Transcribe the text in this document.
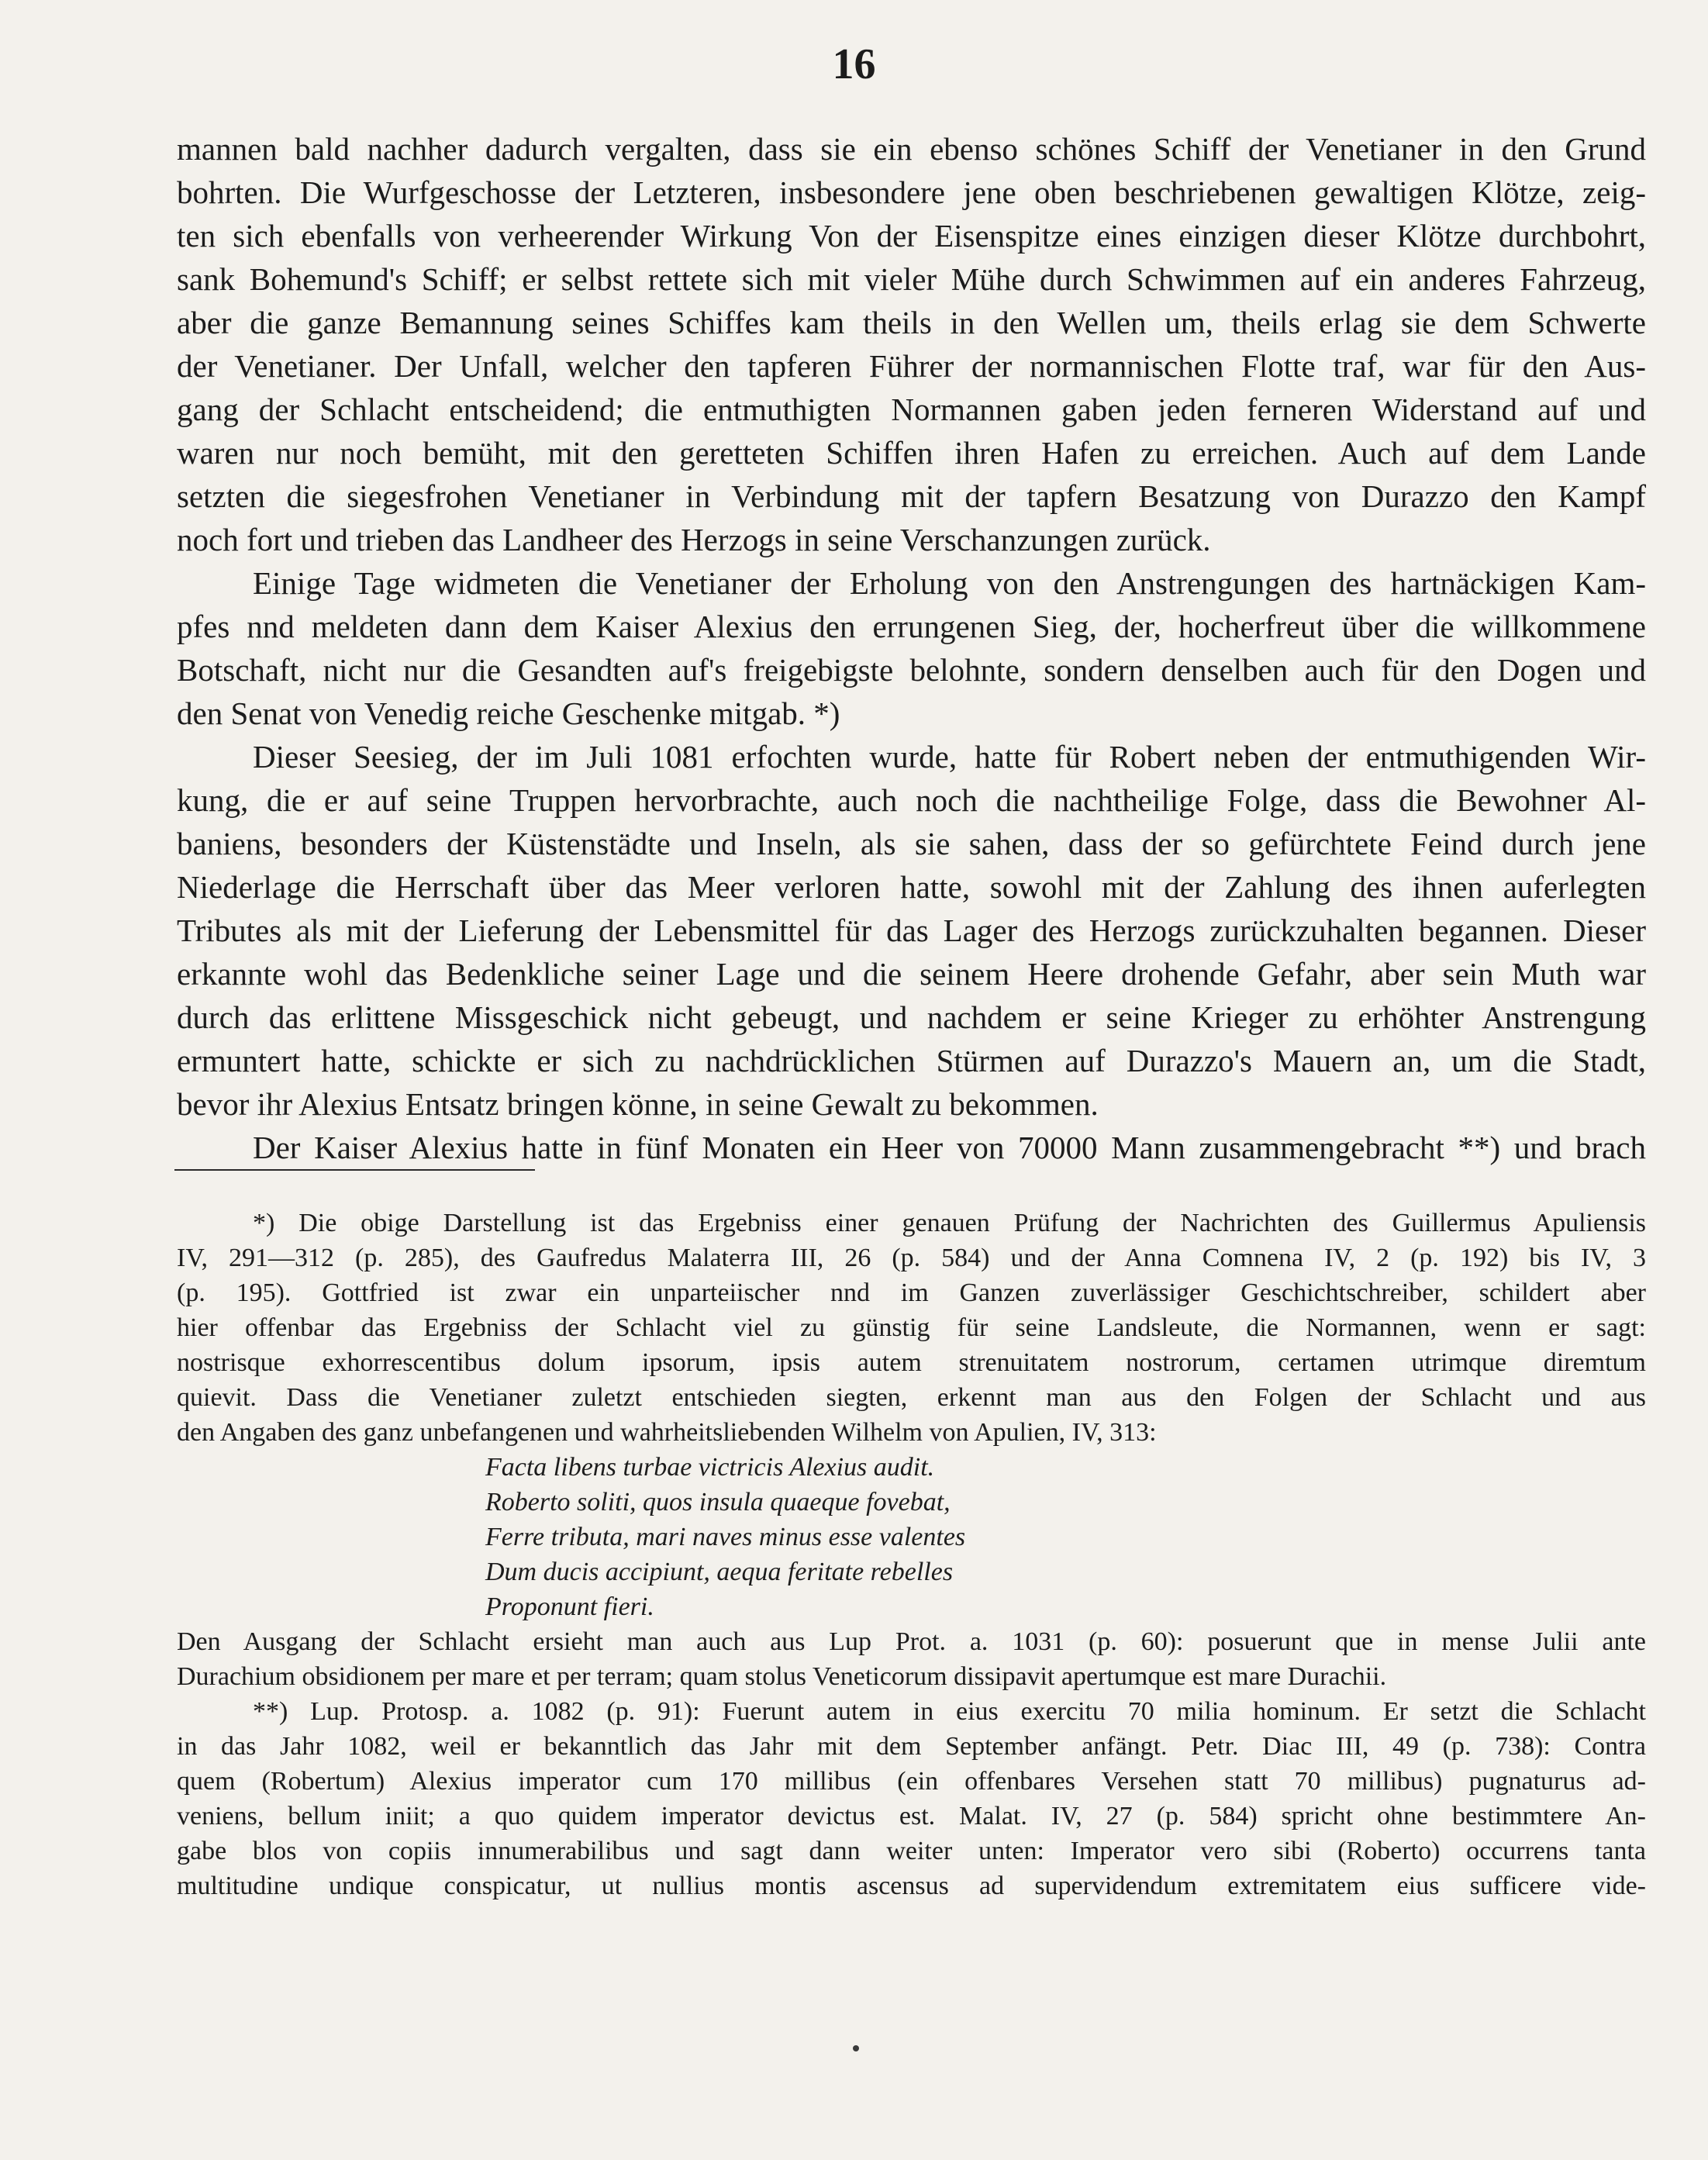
16
mannen bald nachher dadurch vergalten, dass sie ein ebenso schönes Schiff der Venetianer in den Grund
bohrten. Die Wurfgeschosse der Letzteren, insbesondere jene oben beschriebenen gewaltigen Klötze, zeig-
ten sich ebenfalls von verheerender Wirkung Von der Eisenspitze eines einzigen dieser Klötze durchbohrt,
sank Bohemund's Schiff; er selbst rettete sich mit vieler Mühe durch Schwimmen auf ein anderes Fahrzeug,
aber die ganze Bemannung seines Schiffes kam theils in den Wellen um, theils erlag sie dem Schwerte
der Venetianer. Der Unfall, welcher den tapferen Führer der normannischen Flotte traf, war für den Aus-
gang der Schlacht entscheidend; die entmuthigten Normannen gaben jeden ferneren Widerstand auf und
waren nur noch bemüht, mit den geretteten Schiffen ihren Hafen zu erreichen. Auch auf dem Lande
setzten die siegesfrohen Venetianer in Verbindung mit der tapfern Besatzung von Durazzo den Kampf
noch fort und trieben das Landheer des Herzogs in seine Verschanzungen zurück.
Einige Tage widmeten die Venetianer der Erholung von den Anstrengungen des hartnäckigen Kam-
pfes nnd meldeten dann dem Kaiser Alexius den errungenen Sieg, der, hocherfreut über die willkommene
Botschaft, nicht nur die Gesandten auf's freigebigste belohnte, sondern denselben auch für den Dogen und
den Senat von Venedig reiche Geschenke mitgab. *)
Dieser Seesieg, der im Juli 1081 erfochten wurde, hatte für Robert neben der entmuthigenden Wir-
kung, die er auf seine Truppen hervorbrachte, auch noch die nachtheilige Folge, dass die Bewohner Al-
baniens, besonders der Küstenstädte und Inseln, als sie sahen, dass der so gefürchtete Feind durch jene
Niederlage die Herrschaft über das Meer verloren hatte, sowohl mit der Zahlung des ihnen auferlegten
Tributes als mit der Lieferung der Lebensmittel für das Lager des Herzogs zurückzuhalten begannen. Dieser
erkannte wohl das Bedenkliche seiner Lage und die seinem Heere drohende Gefahr, aber sein Muth war
durch das erlittene Missgeschick nicht gebeugt, und nachdem er seine Krieger zu erhöhter Anstrengung
ermuntert hatte, schickte er sich zu nachdrücklichen Stürmen auf Durazzo's Mauern an, um die Stadt,
bevor ihr Alexius Entsatz bringen könne, in seine Gewalt zu bekommen.
Der Kaiser Alexius hatte in fünf Monaten ein Heer von 70000 Mann zusammengebracht **) und brach
*) Die obige Darstellung ist das Ergebniss einer genauen Prüfung der Nachrichten des Guillermus Apuliensis
IV, 291—312 (p. 285), des Gaufredus Malaterra III, 26 (p. 584) und der Anna Comnena IV, 2 (p. 192) bis IV, 3
(p. 195). Gottfried ist zwar ein unparteiischer nnd im Ganzen zuverlässiger Geschichtschreiber, schildert aber
hier offenbar das Ergebniss der Schlacht viel zu günstig für seine Landsleute, die Normannen, wenn er sagt:
nostrisque exhorrescentibus dolum ipsorum, ipsis autem strenuitatem nostrorum, certamen utrimque diremtum
quievit. Dass die Venetianer zuletzt entschieden siegten, erkennt man aus den Folgen der Schlacht und aus
den Angaben des ganz unbefangenen und wahrheitsliebenden Wilhelm von Apulien, IV, 313:
Facta libens turbae victricis Alexius audit.
Roberto soliti, quos insula quaeque fovebat,
Ferre tributa, mari naves minus esse valentes
Dum ducis accipiunt, aequa feritate rebelles
Proponunt fieri.
Den Ausgang der Schlacht ersieht man auch aus Lup Prot. a. 1031 (p. 60): posuerunt que in mense Julii ante
Durachium obsidionem per mare et per terram; quam stolus Veneticorum dissipavit apertumque est mare Durachii.
**) Lup. Protosp. a. 1082 (p. 91): Fuerunt autem in eius exercitu 70 milia hominum. Er setzt die Schlacht
in das Jahr 1082, weil er bekanntlich das Jahr mit dem September anfängt. Petr. Diac III, 49 (p. 738): Contra
quem (Robertum) Alexius imperator cum 170 millibus (ein offenbares Versehen statt 70 millibus) pugnaturus ad-
veniens, bellum iniit; a quo quidem imperator devictus est. Malat. IV, 27 (p. 584) spricht ohne bestimmtere An-
gabe blos von copiis innumerabilibus und sagt dann weiter unten: Imperator vero sibi (Roberto) occurrens tanta
multitudine undique conspicatur, ut nullius montis ascensus ad supervidendum extremitatem eius sufficere vide-
